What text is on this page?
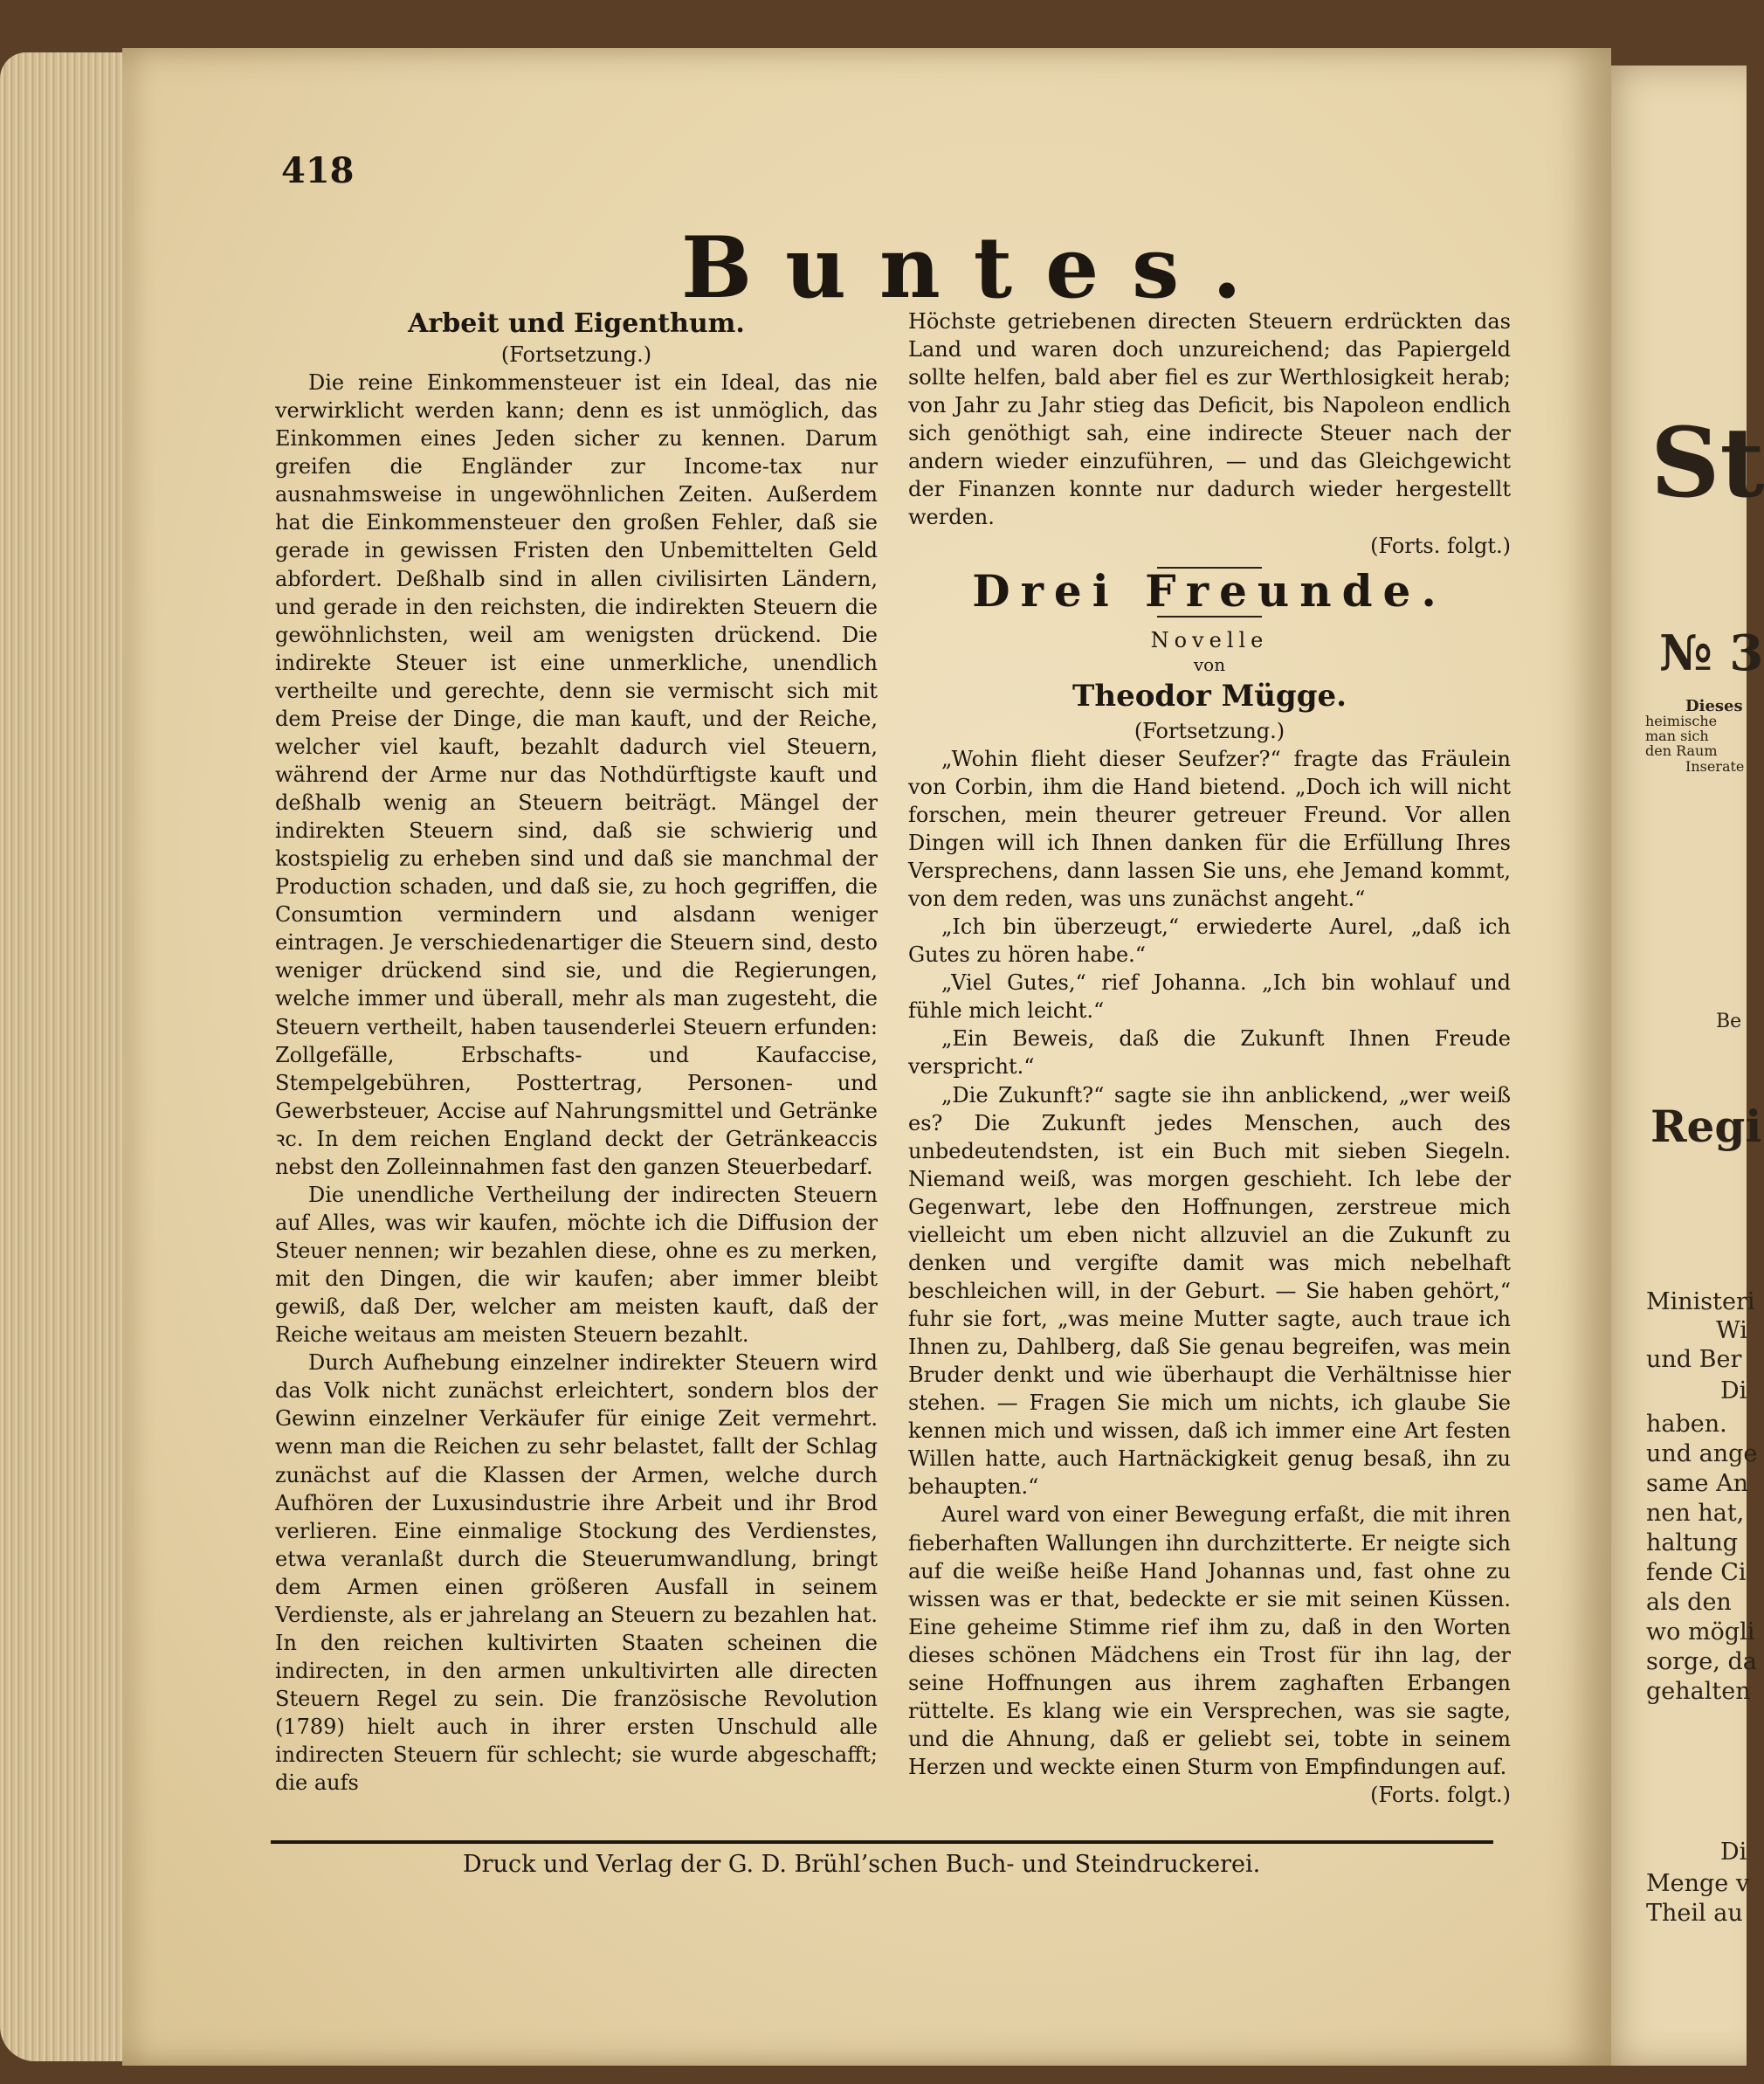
St
№ 3
Dieses
heimische
man sich
den Raum
Inserate
Be
Regi
Ministeri
Wi
und Ber
Di
haben.
und ange
same An
nen hat,
haltung
fende Ci
als den
wo mögli
sorge, da
gehalten
Di
Menge v
Theil au
418
Buntes.
Arbeit und Eigenthum.
(Fortsetzung.)

Die reine Einkommensteuer ist ein Ideal, das nie verwirklicht werden kann; denn es ist unmöglich, das Einkommen eines Jeden sicher zu kennen. Darum greifen die Engländer zur Income-tax nur ausnahmsweise in ungewöhnlichen Zeiten. Außerdem hat die Einkommensteuer den großen Fehler, daß sie gerade in gewissen Fristen den Unbemittelten Geld abfordert. Deßhalb sind in allen civilisirten Ländern, und gerade in den reichsten, die indirekten Steuern die gewöhnlichsten, weil am wenigsten drückend. Die indirekte Steuer ist eine unmerkliche, unendlich vertheilte und gerechte, denn sie vermischt sich mit dem Preise der Dinge, die man kauft, und der Reiche, welcher viel kauft, bezahlt dadurch viel Steuern, während der Arme nur das Nothdürftigste kauft und deßhalb wenig an Steuern beiträgt. Mängel der indirekten Steuern sind, daß sie schwierig und kostspielig zu erheben sind und daß sie manchmal der Production schaden, und daß sie, zu hoch gegriffen, die Consumtion vermindern und alsdann weniger eintragen. Je verschiedenartiger die Steuern sind, desto weniger drückend sind sie, und die Regierungen, welche immer und überall, mehr als man zugesteht, die Steuern vertheilt, haben tausenderlei Steuern erfunden: Zollgefälle, Erbschafts- und Kaufaccise, Stempelgebühren, Posttertrag, Personen- und Gewerbsteuer, Accise auf Nahrungsmittel und Getränke ꝛc. In dem reichen England deckt der Getränkeaccis nebst den Zolleinnahmen fast den ganzen Steuerbedarf.

Die unendliche Vertheilung der indirecten Steuern auf Alles, was wir kaufen, möchte ich die Diffusion der Steuer nennen; wir bezahlen diese, ohne es zu merken, mit den Dingen, die wir kaufen; aber immer bleibt gewiß, daß Der, welcher am meisten kauft, daß der Reiche weitaus am meisten Steuern bezahlt.

Durch Aufhebung einzelner indirekter Steuern wird das Volk nicht zunächst erleichtert, sondern blos der Gewinn einzelner Verkäufer für einige Zeit vermehrt. wenn man die Reichen zu sehr belastet, fallt der Schlag zunächst auf die Klassen der Armen, welche durch Aufhören der Luxusindustrie ihre Arbeit und ihr Brod verlieren. Eine einmalige Stockung des Verdienstes, etwa veranlaßt durch die Steuerumwandlung, bringt dem Armen einen größeren Ausfall in seinem Verdienste, als er jahrelang an Steuern zu bezahlen hat. In den reichen kultivirten Staaten scheinen die indirecten, in den armen unkultivirten alle directen Steuern Regel zu sein. Die französische Revolution (1789) hielt auch in ihrer ersten Unschuld alle indirecten Steuern für schlecht; sie wurde abgeschafft; die aufs

Höchste getriebenen directen Steuern erdrückten das Land und waren doch unzureichend; das Papiergeld sollte helfen, bald aber fiel es zur Werthlosigkeit herab; von Jahr zu Jahr stieg das Deficit, bis Napoleon endlich sich genöthigt sah, eine indirecte Steuer nach der andern wieder einzuführen, — und das Gleichgewicht der Finanzen konnte nur dadurch wieder hergestellt werden.

(Forts. folgt.)
Drei Freunde.
Novelle
von
Theodor Mügge.
(Fortsetzung.)

„Wohin flieht dieser Seufzer?“ fragte das Fräulein von Corbin, ihm die Hand bietend. „Doch ich will nicht forschen, mein theurer getreuer Freund. Vor allen Dingen will ich Ihnen danken für die Erfüllung Ihres Versprechens, dann lassen Sie uns, ehe Jemand kommt, von dem reden, was uns zunächst angeht.“

„Ich bin überzeugt,“ erwiederte Aurel, „daß ich Gutes zu hören habe.“

„Viel Gutes,“ rief Johanna. „Ich bin wohlauf und fühle mich leicht.“

„Ein Beweis, daß die Zukunft Ihnen Freude verspricht.“

„Die Zukunft?“ sagte sie ihn anblickend, „wer weiß es? Die Zukunft jedes Menschen, auch des unbedeutendsten, ist ein Buch mit sieben Siegeln. Niemand weiß, was morgen geschieht. Ich lebe der Gegenwart, lebe den Hoffnungen, zerstreue mich vielleicht um eben nicht allzuviel an die Zukunft zu denken und vergifte damit was mich nebelhaft beschleichen will, in der Geburt. — Sie haben gehört,“ fuhr sie fort, „was meine Mutter sagte, auch traue ich Ihnen zu, Dahlberg, daß Sie genau begreifen, was mein Bruder denkt und wie überhaupt die Verhältnisse hier stehen. — Fragen Sie mich um nichts, ich glaube Sie kennen mich und wissen, daß ich immer eine Art festen Willen hatte, auch Hartnäckigkeit genug besaß, ihn zu behaupten.“

Aurel ward von einer Bewegung erfaßt, die mit ihren fieberhaften Wallungen ihn durchzitterte. Er neigte sich auf die weiße heiße Hand Johannas und, fast ohne zu wissen was er that, bedeckte er sie mit seinen Küssen. Eine geheime Stimme rief ihm zu, daß in den Worten dieses schönen Mädchens ein Trost für ihn lag, der seine Hoffnungen aus ihrem zaghaften Erbangen rüttelte. Es klang wie ein Versprechen, was sie sagte, und die Ahnung, daß er geliebt sei, tobte in seinem Herzen und weckte einen Sturm von Empfindungen auf.

(Forts. folgt.)
Druck und Verlag der G. D. Brühl’schen Buch- und Steindruckerei.
